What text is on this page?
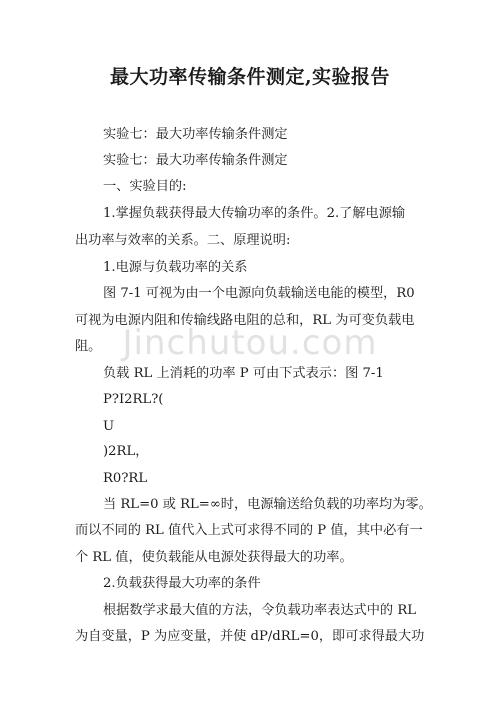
Jinchutou.com
最大功率传输条件测定,实验报告
实验七：最大功率传输条件测定
实验七：最大功率传输条件测定
一、实验目的:
1.掌握负载获得最大传输功率的条件。2.了解电源输
出功率与效率的关系。二、原理说明:
1.电源与负载功率的关系
图 7-1 可视为由一个电源向负载输送电能的模型，R0
可视为电源内阻和传输线路电阻的总和，RL 为可变负载电
阻。
负载 RL 上消耗的功率 P 可由下式表示：图 7-1
P?I2RL?(
U
)2RL，
R0?RL
当 RL=0 或 RL=∞时，电源输送给负载的功率均为零。
而以不同的 RL 值代入上式可求得不同的 P 值，其中必有一
个 RL 值，使负载能从电源处获得最大的功率。
2.负载获得最大功率的条件
根据数学求最大值的方法，令负载功率表达式中的 RL
为自变量，P 为应变量，并使 dP/dRL=0，即可求得最大功
